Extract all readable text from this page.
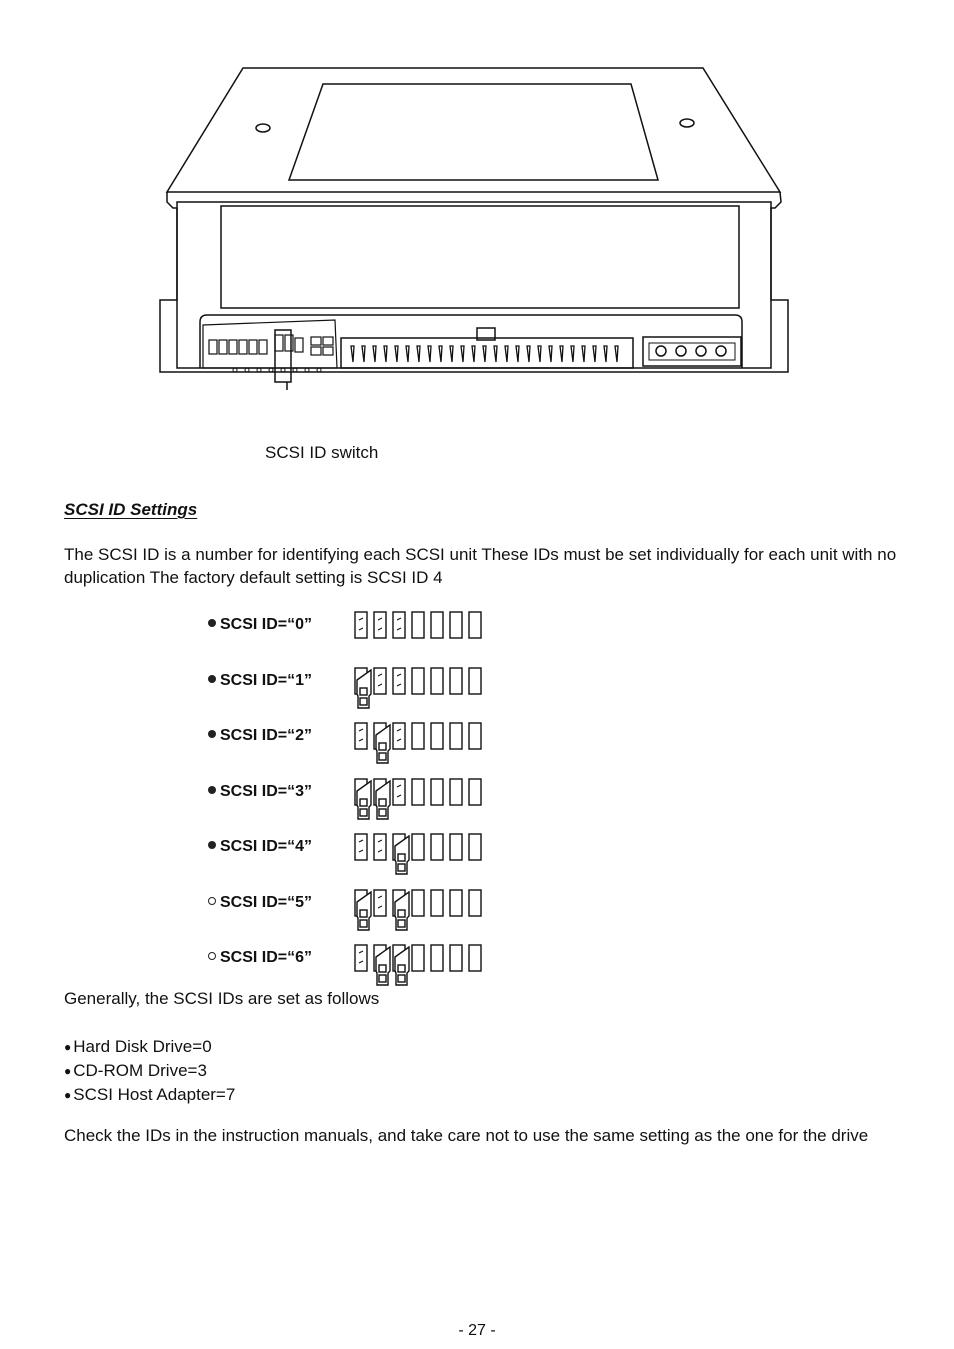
SCSI ID switch
SCSI ID Settings
The SCSI ID is a number for identifying each SCSI unit These IDs must be set individually for each unit with no duplication The factory default setting is SCSI ID 4
SCSI ID=“0”
SCSI ID=“1”
SCSI ID=“2”
SCSI ID=“3”
SCSI ID=“4”
SCSI ID=“5”
SCSI ID=“6”
Generally, the SCSI IDs are set as follows
● Hard Disk Drive=0
● CD-ROM Drive=3
● SCSI Host Adapter=7
Check the IDs in the instruction manuals, and take care not to use the same setting as the one for the drive
- 27 -
